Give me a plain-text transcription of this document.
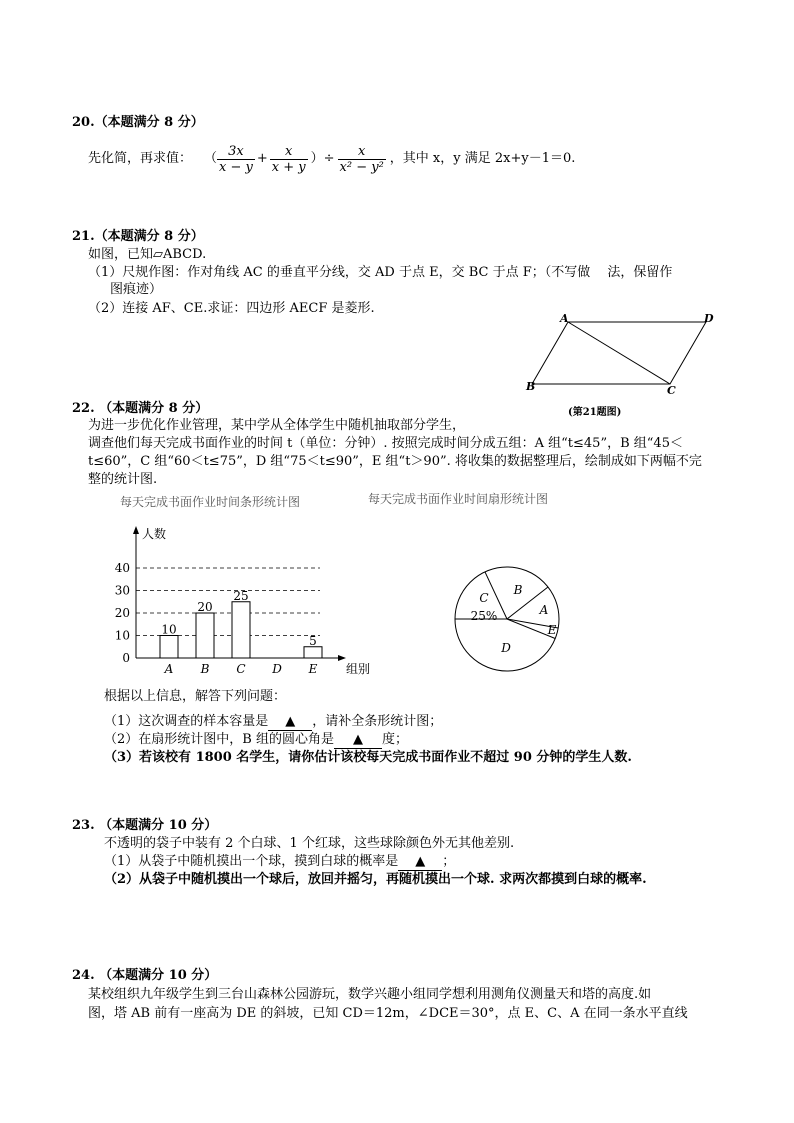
20.（本题满分 8 分）
先化简，再求值： （ $\frac{3x}{x - y} + \frac{x}{x + y}$ ）÷ $\frac{x}{\text{x² − y²}}$ ，其中 x，y 满足 2x+y－1＝0.
21.（本题满分 8 分）
如图，已知▱ABCD.
（1）尺规作图：作对角线 AC 的垂直平分线，交 AD 于点 E，交 BC 于点 F；（不写做　 法，保留作
图痕迹）
（2）连接 AF、CE.求证：四边形 AECF 是菱形.
A	D
B	C
(第21题图)
22. （本题满分 8 分）
为进一步优化作业管理，某中学从全体学生中随机抽取部分学生，
调查他们每天完成书面作业的时间 t（单位：分钟）. 按照完成时间分成五组：A 组“t≤45”，B 组“45＜
t≤60”，C 组“60＜t≤75”，D 组“75＜t≤90”，E 组“t＞90”. 将收集的数据整理后，绘制成如下两幅不完
整的统计图.
每天完成书面作业时间条形统计图	每天完成书面作业时间扇形统计图
人数
组别
0
10
20
30
40
10
A
20
B
25
C D
5
E
C
25%
B
A
E
D
根据以上信息，解答下列问题：
（1）这次调查的样本容量是 ▲ ，请补全条形统计图；
（2）在扇形统计图中，B 组的圆心角是 ▲ 度；
（3）若该校有 1800 名学生，请你估计该校每天完成书面作业不超过 90 分钟的学生人数.
23. （本题满分 10 分）
不透明的袋子中装有 2 个白球、1 个红球，这些球除颜色外无其他差别.
（1）从袋子中随机摸出一个球，摸到白球的概率是 ▲ ；
（2）从袋子中随机摸出一个球后，放回并摇匀，再随机摸出一个球. 求两次都摸到白球的概率.
24. （本题满分 10 分）
某校组织九年级学生到三台山森林公园游玩，数学兴趣小组同学想利用测角仪测量天和塔的高度.如
图，塔 AB 前有一座高为 DE 的斜坡，已知 CD＝12m，∠DCE＝30°，点 E、C、A 在同一条水平直线
